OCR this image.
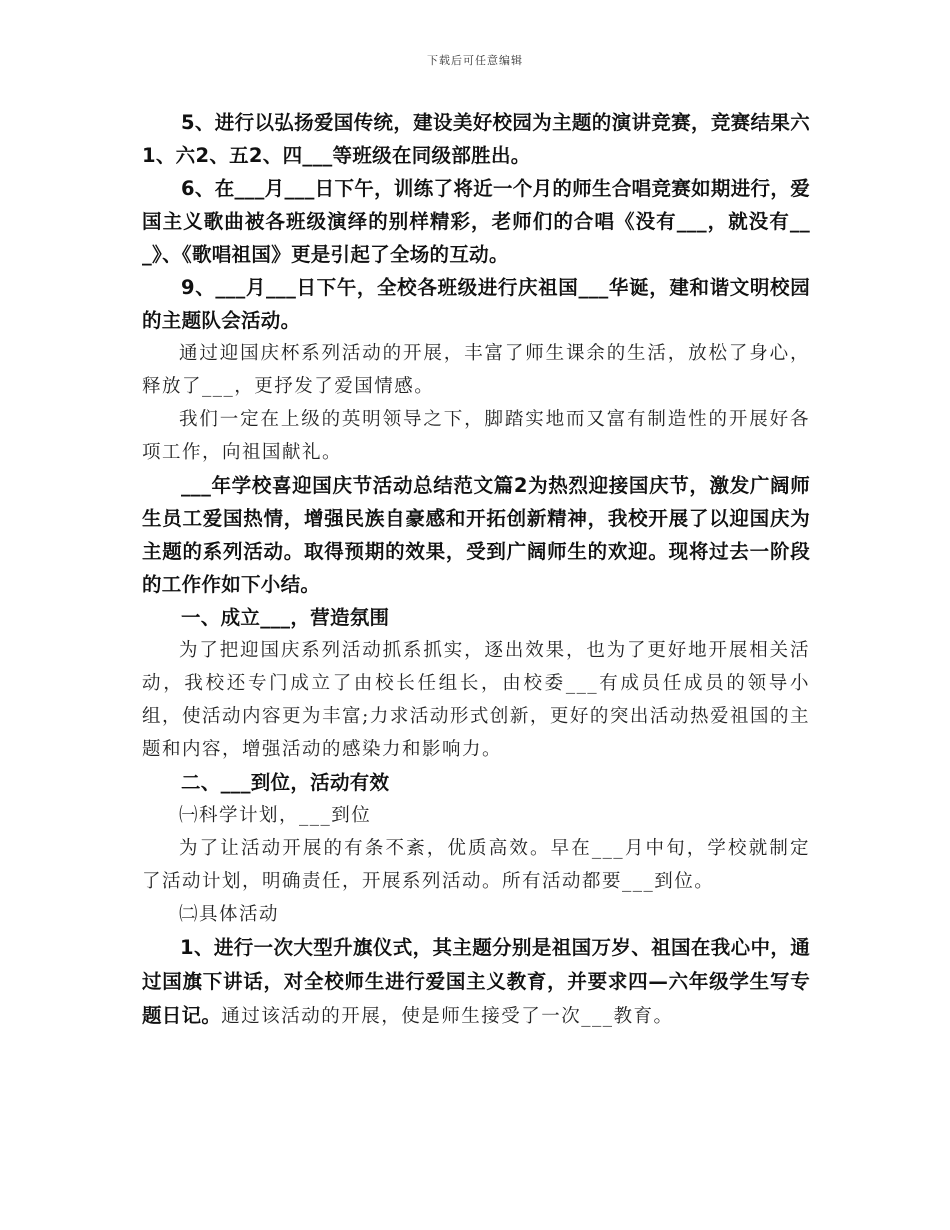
下载后可任意编辑

5、进行以弘扬爱国传统，建设美好校园为主题的演讲竞赛，竞赛结果六1、六2、五2、四___等班级在同级部胜出。

6、在___月___日下午，训练了将近一个月的师生合唱竞赛如期进行，爱国主义歌曲被各班级演绎的别样精彩，老师们的合唱《没有___，就没有___》、《歌唱祖国》更是引起了全场的互动。

9、___月___日下午，全校各班级进行庆祖国___华诞，建和谐文明校园的主题队会活动。

通过迎国庆杯系列活动的开展，丰富了师生课余的生活，放松了身心，释放了___，更抒发了爱国情感。

我们一定在上级的英明领导之下，脚踏实地而又富有制造性的开展好各项工作，向祖国献礼。

___年学校喜迎国庆节活动总结范文篇2为热烈迎接国庆节，激发广阔师生员工爱国热情，增强民族自豪感和开拓创新精神，我校开展了以迎国庆为主题的系列活动。取得预期的效果，受到广阔师生的欢迎。现将过去一阶段的工作作如下小结。

一、成立___，营造氛围

为了把迎国庆系列活动抓系抓实，逐出效果，也为了更好地开展相关活动，我校还专门成立了由校长任组长，由校委___有成员任成员的领导小组，使活动内容更为丰富;力求活动形式创新，更好的突出活动热爱祖国的主题和内容，增强活动的感染力和影响力。

二、___到位，活动有效

㈠科学计划，___到位

为了让活动开展的有条不紊，优质高效。早在___月中旬，学校就制定了活动计划，明确责任，开展系列活动。所有活动都要___到位。

㈡具体活动

1、进行一次大型升旗仪式，其主题分别是祖国万岁、祖国在我心中，通过国旗下讲话，对全校师生进行爱国主义教育，并要求四—六年级学生写专题日记。通过该活动的开展，使是师生接受了一次___教育。
